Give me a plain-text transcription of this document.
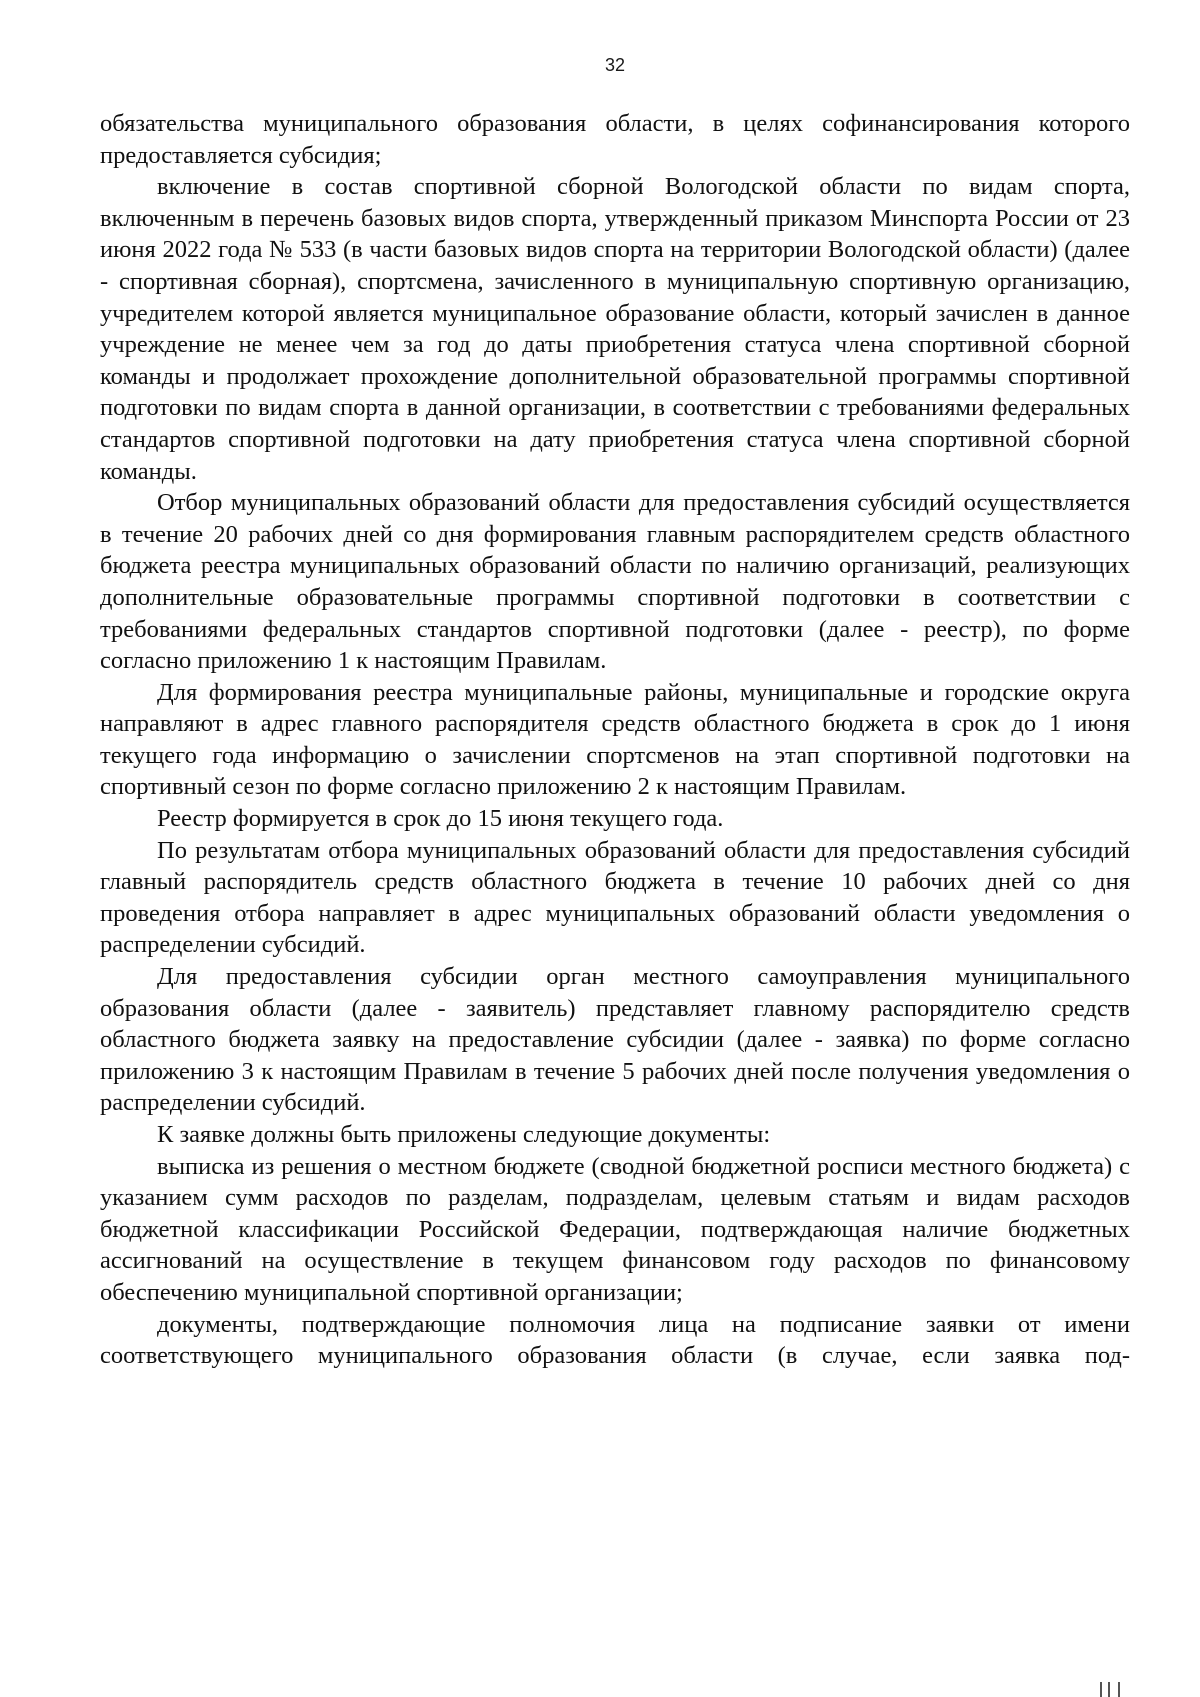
32

обязательства муниципального образования области, в целях софинансирования которого предоставляется субсидия;

включение в состав спортивной сборной Вологодской области по видам спорта, включенным в перечень базовых видов спорта, утвержденный приказом Минспорта России от 23 июня 2022 года № 533 (в части базовых видов спорта на территории Вологодской области) (далее - спортивная сборная), спортсмена, зачисленного в муниципальную спортивную организацию, учредителем которой является муниципальное образование области, который зачислен в данное учреждение не менее чем за год до даты приобретения статуса члена спортивной сборной команды и продолжает прохождение дополнительной образовательной программы спортивной подготовки по видам спорта в данной организации, в соответствии с требованиями федеральных стандартов спортивной подготовки на дату приобретения статуса члена спортивной сборной команды.

Отбор муниципальных образований области для предоставления субсидий осуществляется в течение 20 рабочих дней со дня формирования главным распорядителем средств областного бюджета реестра муниципальных образований области по наличию организаций, реализующих дополнительные образовательные программы спортивной подготовки в соответствии с требованиями федеральных стандартов спортивной подготовки (далее - реестр), по форме согласно приложению 1 к настоящим Правилам.

Для формирования реестра муниципальные районы, муниципальные и городские округа направляют в адрес главного распорядителя средств областного бюджета в срок до 1 июня текущего года информацию о зачислении спортсменов на этап спортивной подготовки на спортивный сезон по форме согласно приложению 2 к настоящим Правилам.

Реестр формируется в срок до 15 июня текущего года.

По результатам отбора муниципальных образований области для предоставления субсидий главный распорядитель средств областного бюджета в течение 10 рабочих дней со дня проведения отбора направляет в адрес муниципальных образований области уведомления о распределении субсидий.

Для предоставления субсидии орган местного самоуправления муниципального образования области (далее - заявитель) представляет главному распорядителю средств областного бюджета заявку на предоставление субсидии (далее - заявка) по форме согласно приложению 3 к настоящим Правилам в течение 5 рабочих дней после получения уведомления о распределении субсидий.

К заявке должны быть приложены следующие документы:

выписка из решения о местном бюджете (сводной бюджетной росписи местного бюджета) с указанием сумм расходов по разделам, подразделам, целевым статьям и видам расходов бюджетной классификации Российской Федерации, подтверждающая наличие бюджетных ассигнований на осуществление в текущем финансовом году расходов по финансовому обеспечению муниципальной спортивной организации;

документы, подтверждающие полномочия лица на подписание заявки от имени соответствующего муниципального образования области (в случае, если заявка под-
